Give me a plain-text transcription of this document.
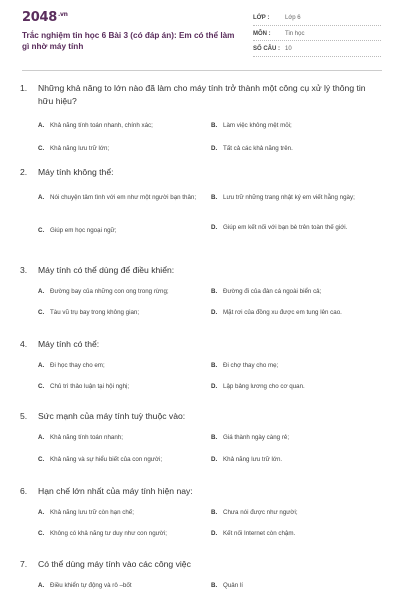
$2048^{.vn}$
Trắc nghiệm tin học 6 Bài 3 (có đáp án): Em có thể làm gì nhờ máy tính
LỚP :	Lớp 6
MÔN :	Tin học
SỐ CÂU : 10
1.	Những khả năng to lớn nào đã làm cho máy tính trở thành một công cụ xử lý thông tin hữu hiệu?
A. Khả năng tính toán nhanh, chính xác;	B. Làm việc không mệt mỏi;
C. Khả năng lưu trữ lớn;	D. Tất cả các khả năng trên.
2.	Máy tính không thể:
A. Nói chuyện tâm tình với em như một người bạn thân;	B. Lưu trữ những trang nhật ký em viết hằng ngày;
C. Giúp em học ngoại ngữ;	D. Giúp em kết nối với bạn bè trên toàn thế giới.
3.	Máy tính có thể dùng để điều khiển:
A. Đường bay của những con ong trong rừng;	B. Đường đi của đàn cá ngoài biển cả;
C. Tàu vũ trụ bay trong không gian;	D. Mặt rơi của đồng xu được em tung lên cao.
4.	Máy tính có thể:
A. Đi học thay cho em;	B. Đi chợ thay cho mẹ;
C. Chủ trì thảo luận tại hội nghị;	D. Lập bảng lương cho cơ quan.
5.	Sức mạnh của máy tính tuỳ thuộc vào:
A. Khả năng tính toán nhanh;	B. Giá thành ngày càng rẻ;
C. Khả năng và sự hiểu biết của con người;	D. Khả năng lưu trữ lớn.
6.	Hạn chế lớn nhất của máy tính hiện nay:
A. Khả năng lưu trữ còn hạn chế;	B. Chưa nói được như người;
C. Không có khả năng tư duy như con người;	D. Kết nối Internet còn chậm.
7.	Có thể dùng máy tính vào các công việc
A. Điều khiển tự động và rô –bốt	B. Quản lí
